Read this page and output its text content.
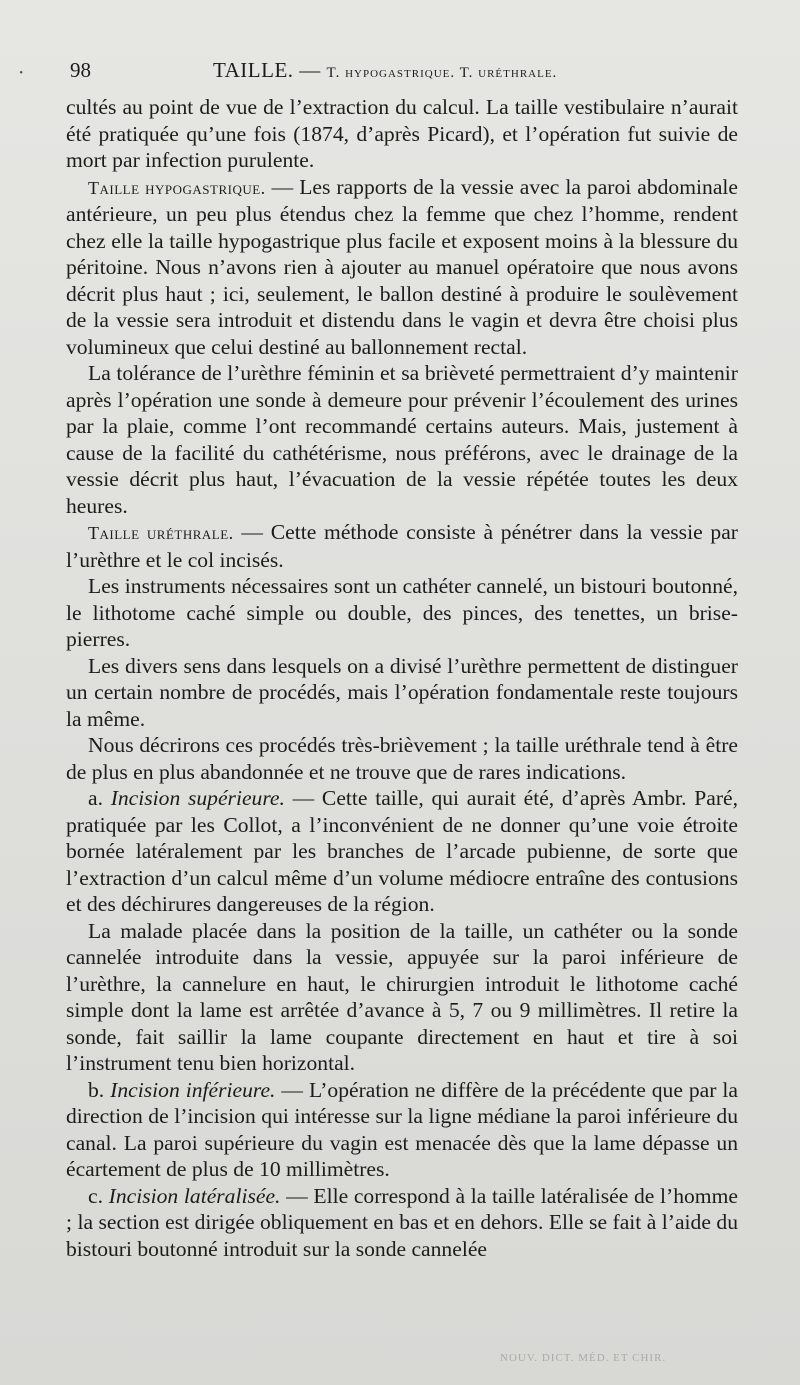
· 98	TAILLE. — T. hypogastrique. T. uréthrale.

cultés au point de vue de l’extraction du calcul. La taille vestibulaire n’aurait été pratiquée qu’une fois (1874, d’après Picard), et l’opération fut suivie de mort par infection purulente.

Taille hypogastrique. — Les rapports de la vessie avec la paroi abdominale antérieure, un peu plus étendus chez la femme que chez l’homme, rendent chez elle la taille hypogastrique plus facile et exposent moins à la blessure du péritoine. Nous n’avons rien à ajouter au manuel opératoire que nous avons décrit plus haut ; ici, seulement, le ballon destiné à produire le soulèvement de la vessie sera introduit et distendu dans le vagin et devra être choisi plus volumineux que celui destiné au ballonnement rectal.

La tolérance de l’urèthre féminin et sa brièveté permettraient d’y maintenir après l’opération une sonde à demeure pour prévenir l’écoulement des urines par la plaie, comme l’ont recommandé certains auteurs. Mais, justement à cause de la facilité du cathétérisme, nous préférons, avec le drainage de la vessie décrit plus haut, l’évacuation de la vessie répétée toutes les deux heures.

Taille uréthrale. — Cette méthode consiste à pénétrer dans la vessie par l’urèthre et le col incisés.

Les instruments nécessaires sont un cathéter cannelé, un bistouri boutonné, le lithotome caché simple ou double, des pinces, des tenettes, un brise-pierres.

Les divers sens dans lesquels on a divisé l’urèthre permettent de distinguer un certain nombre de procédés, mais l’opération fondamentale reste toujours la même.

Nous décrirons ces procédés très-brièvement ; la taille uréthrale tend à être de plus en plus abandonnée et ne trouve que de rares indications.

a. Incision supérieure. — Cette taille, qui aurait été, d’après Ambr. Paré, pratiquée par les Collot, a l’inconvénient de ne donner qu’une voie étroite bornée latéralement par les branches de l’arcade pubienne, de sorte que l’extraction d’un calcul même d’un volume médiocre entraîne des contusions et des déchirures dangereuses de la région.

La malade placée dans la position de la taille, un cathéter ou la sonde cannelée introduite dans la vessie, appuyée sur la paroi inférieure de l’urèthre, la cannelure en haut, le chirurgien introduit le lithotome caché simple dont la lame est arrêtée d’avance à 5, 7 ou 9 millimètres. Il retire la sonde, fait saillir la lame coupante directement en haut et tire à soi l’instrument tenu bien horizontal.

b. Incision inférieure. — L’opération ne diffère de la précédente que par la direction de l’incision qui intéresse sur la ligne médiane la paroi inférieure du canal. La paroi supérieure du vagin est menacée dès que la lame dépasse un écartement de plus de 10 millimètres.

c. Incision latéralisée. — Elle correspond à la taille latéralisée de l’homme ; la section est dirigée obliquement en bas et en dehors. Elle se fait à l’aide du bistouri boutonné introduit sur la sonde cannelée

NOUV. DICT. MÉD. ET CHIR.
